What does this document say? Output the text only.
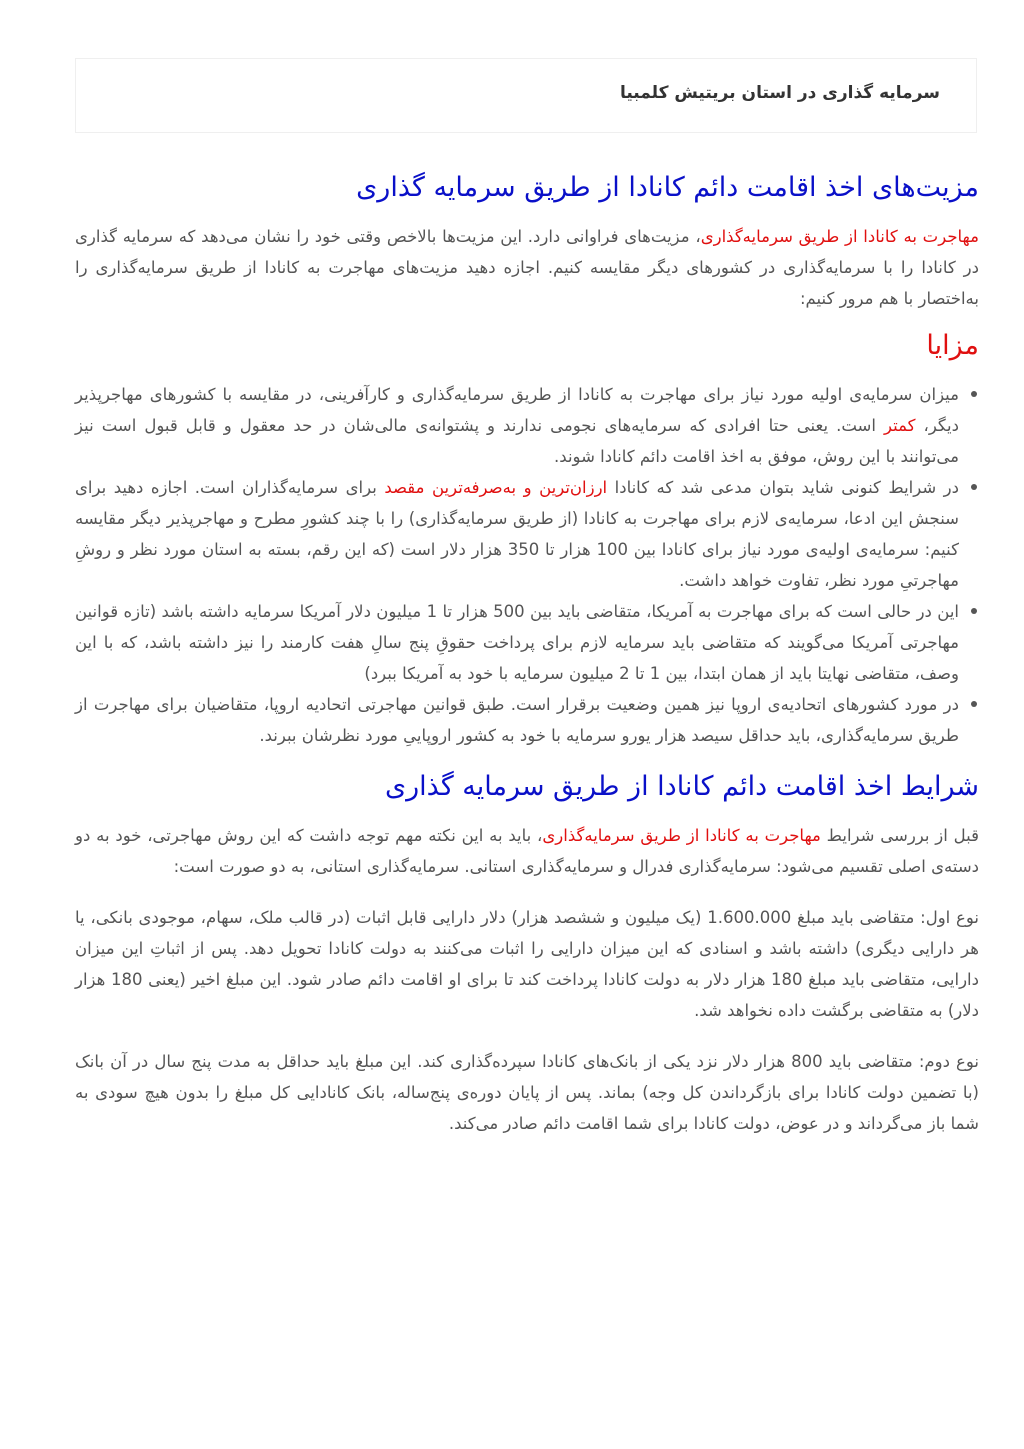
سرمایه گذاری در استان بریتیش کلمبیا
مزیت‌های اخذ اقامت دائم کانادا از طریق سرمایه گذاری

مهاجرت به کانادا از طریق سرمایه‌گذاری، مزیت‌های فراوانی دارد. این مزیت‌ها بالاخص وقتی خود را نشان می‌دهد که سرمایه گذاری در کانادا را با سرمایه‌گذاری در کشورهای دیگر مقایسه کنیم. اجازه دهید مزیت‌های مهاجرت به کانادا از طریق سرمایه‌گذاری را به‌اختصار با هم مرور کنیم:

مزایا
میزان سرمایه‌ی اولیه مورد نیاز برای مهاجرت به کانادا از طریق سرمایه‌گذاری و کارآفرینی، در مقایسه با کشورهای مهاجرپذیر دیگر، کمتر است. یعنی حتا افرادی که سرمایه‌های نجومی ندارند و پشتوانه‌ی مالی‌شان در حد معقول و قابل قبول است نیز می‌توانند با این روش، موفق به اخذ اقامت دائم کانادا شوند.
در شرایط کنونی شاید بتوان مدعی شد که کانادا ارزان‌ترین و به‌صرفه‌ترین مقصد برای سرمایه‌گذاران است. اجازه دهید برای سنجش این ادعا، سرمایه‌ی لازم برای مهاجرت به کانادا (از طریق سرمایه‌گذاری) را با چند کشورِ مطرح و مهاجرپذیر دیگر مقایسه کنیم: سرمایه‌ی اولیه‌ی مورد نیاز برای کانادا بین 100 هزار تا 350 هزار دلار است (که این رقم، بسته به استان مورد نظر و روشِ مهاجرتیِ مورد نظر، تفاوت خواهد داشت.
این در حالی است که برای مهاجرت به آمریکا، متقاضی باید بین 500 هزار تا 1 میلیون دلار آمریکا سرمایه داشته باشد (تازه قوانین مهاجرتی آمریکا می‌گویند که متقاضی باید سرمایه لازم برای پرداخت حقوقِ پنج سالِ هفت کارمند را نیز داشته باشد، که با این وصف، متقاضی نهایتا باید از همان ابتدا، بین 1 تا 2 میلیون سرمایه با خود به آمریکا ببرد)
در مورد کشورهای اتحادیه‌ی اروپا نیز همین وضعیت برقرار است. طبق قوانین مهاجرتی اتحادیه اروپا، متقاضیان برای مهاجرت از طریق سرمایه‌گذاری، باید حداقل سیصد هزار یورو سرمایه با خود به کشور اروپاییِ مورد نظرشان ببرند.
شرایط اخذ اقامت دائم کانادا از طریق سرمایه گذاری

قبل از بررسی شرایط مهاجرت به کانادا از طریق سرمایه‌گذاری، باید به این نکته مهم توجه داشت که این روش مهاجرتی، خود به دو دسته‌ی اصلی تقسیم می‌شود: سرمایه‌گذاری فدرال و سرمایه‌گذاری استانی. سرمایه‌گذاری استانی، به دو صورت است:

نوع اول: متقاضی باید مبلغ 1.600.000 (یک میلیون و ششصد هزار) دلار دارایی قابل اثبات (در قالب ملک، سهام، موجودی بانکی، یا هر دارایی دیگری) داشته باشد و اسنادی که این میزان دارایی را اثبات می‌کنند به دولت کانادا تحویل دهد. پس از اثباتِ این میزان دارایی، متقاضی باید مبلغ 180 هزار دلار به دولت کانادا پرداخت کند تا برای او اقامت دائم صادر شود. این مبلغ اخیر (یعنی 180 هزار دلار) به متقاضی برگشت داده نخواهد شد.

نوع دوم: متقاضی باید 800 هزار دلار نزد یکی از بانک‌های کانادا سپرده‌گذاری کند. این مبلغ باید حداقل به مدت پنج سال در آن بانک (با تضمین دولت کانادا برای بازگرداندن کل وجه) بماند. پس از پایان دوره‌ی پنج‌ساله، بانک کانادایی کل مبلغ را بدون هیچ سودی به شما باز می‌گرداند و در عوض، دولت کانادا برای شما اقامت دائم صادر می‌کند.
